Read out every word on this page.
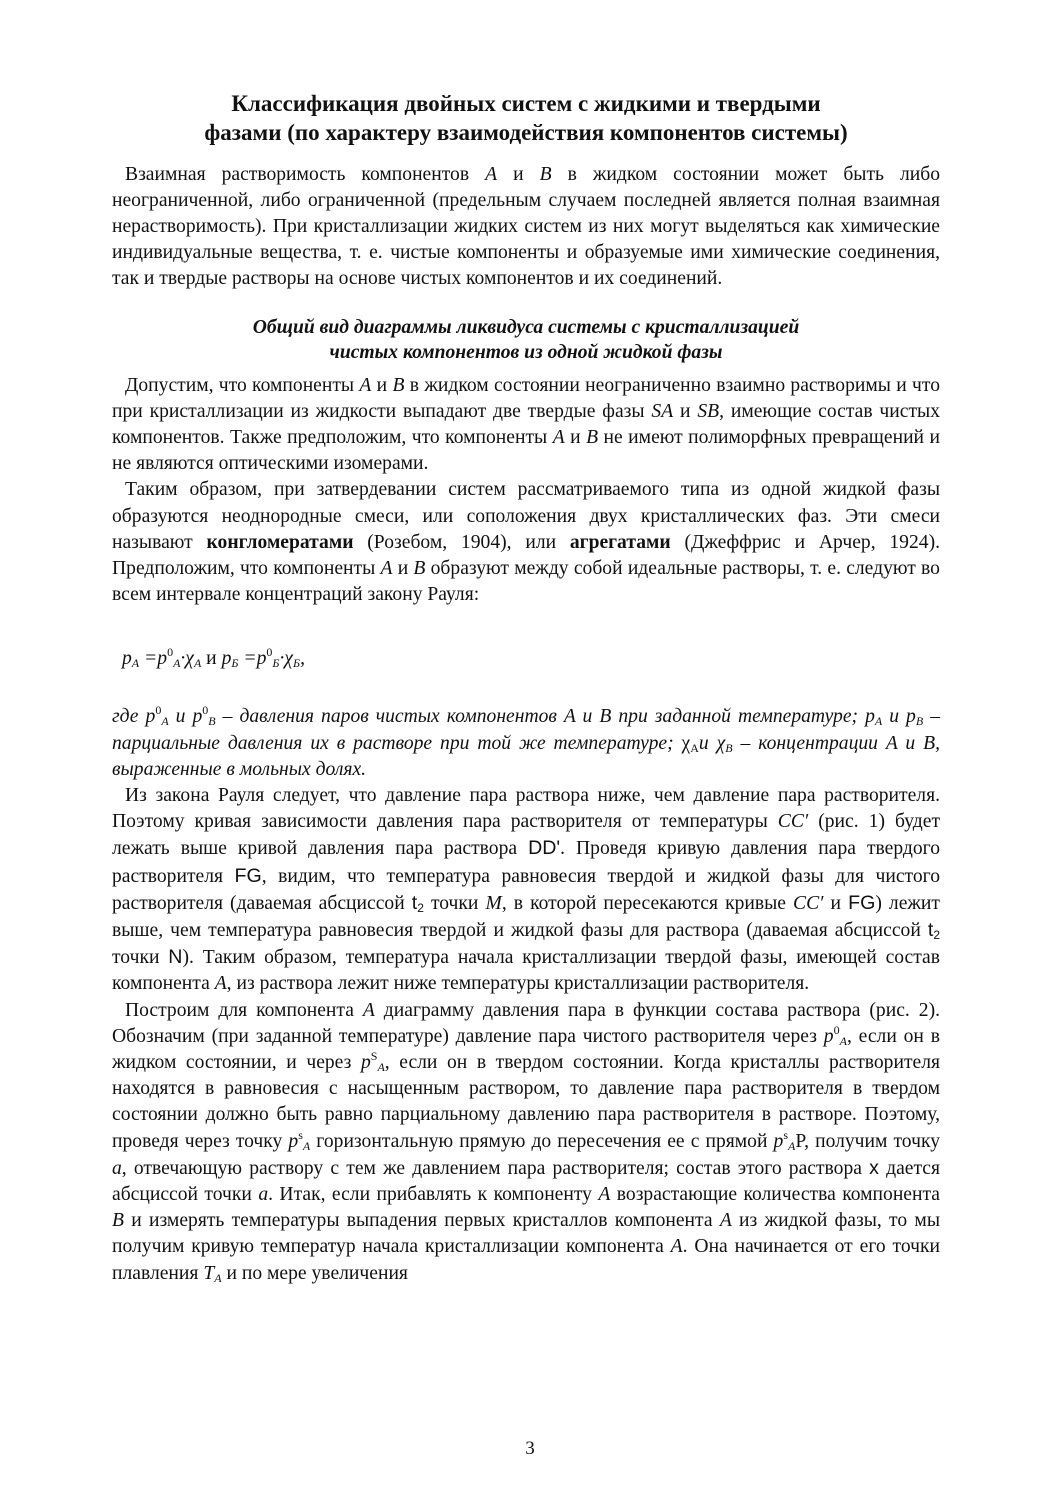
Классификация двойных систем с жидкими и твердыми
фазами (по характеру взаимодействия компонентов системы)

Взаимная растворимость компонентов A и B в жидком состоянии может быть либо неограниченной, либо ограниченной (предельным случаем последней является полная взаимная нерастворимость). При кристаллизации жидких систем из них могут выделяться как химические индивидуальные вещества, т. е. чистые компоненты и образуемые ими химические соединения, так и твердые растворы на основе чистых компонентов и их соединений.

Общий вид диаграммы ликвидуса системы с кристаллизацией
чистых компонентов из одной жидкой фазы

Допустим, что компоненты A и B в жидком состоянии неограниченно взаимно растворимы и что при кристаллизации из жидкости выпадают две твердые фазы SA и SB, имеющие состав чистых компонентов. Также предположим, что компоненты A и B не имеют полиморфных превращений и не являются оптическими изомерами.

Таким образом, при затвердевании систем рассматриваемого типа из одной жидкой фазы образуются неоднородные смеси, или соположения двух кристаллических фаз. Эти смеси называют конгломератами (Розебом, 1904), или агрегатами (Джеффрис и Арчер, 1924). Предположим, что компоненты A и B образуют между собой идеальные растворы, т. е. следуют во всем интервале концентраций закону Рауля:

$p_A =p^0_A\cdot\chi_A$ и $p_Б =p^0_Б\cdot\chi_Б$,

где $p^0_A$ и $p^0_B$ – давления паров чистых компонентов A и B при заданной температуре; $p_A$ и $p_B$ – парциальные давления их в растворе при той же температуре; $\chi_Aи$ $\chi_B$ – концентрации A и B, выраженные в мольных долях.

Из закона Рауля следует, что давление пара раствора ниже, чем давление пара растворителя. Поэтому кривая зависимости давления пара растворителя от температуры CC′ (рис. 1) будет лежать выше кривой давления пара раствора DD'. Проведя кривую давления пара твердого растворителя FG, видим, что температура равновесия твердой и жидкой фазы для чистого растворителя (даваемая абсциссой $t_2$ точки M, в которой пересекаются кривые CC′ и FG) лежит выше, чем температура равновесия твердой и жидкой фазы для раствора (даваемая абсциссой $t_2$ точки N). Таким образом, температура начала кристаллизации твердой фазы, имеющей состав компонента A, из раствора лежит ниже температуры кристаллизации растворителя.

Построим для компонента A диаграмму давления пара в функции состава раствора (рис. 2). Обозначим (при заданной температуре) давление пара чистого растворителя через $p^0_A$, если он в жидком состоянии, и через $p^S_A$, если он в твердом состоянии. Когда кристаллы растворителя находятся в равновесия с насыщенным раствором, то давление пара растворителя в твердом состоянии должно быть равно парциальному давлению пара растворителя в растворе. Поэтому, проведя через точку $p^s_A$ горизонтальную прямую до пересечения ее с прямой $p^s_AP$, получим точку a, отвечающую раствору с тем же давлением пара растворителя; состав этого раствора x дается абсциссой точки a. Итак, если прибавлять к компоненту A возрастающие количества компонента B и измерять температуры выпадения первых кристаллов компонента A из жидкой фазы, то мы получим кривую температур начала кристаллизации компонента A. Она начинается от его точки плавления $T_A$ и по мере увеличения

3
